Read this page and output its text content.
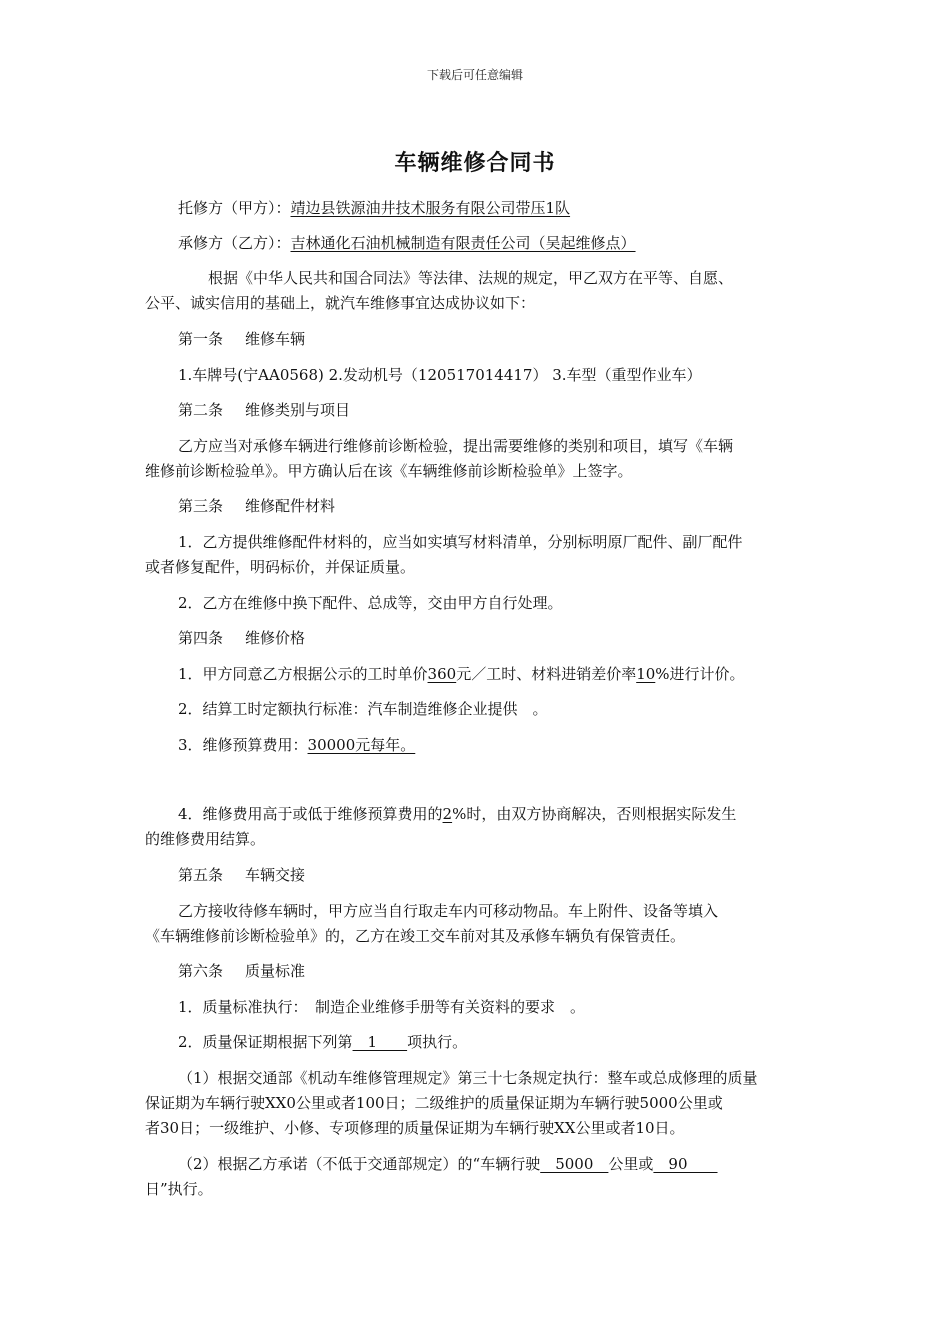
下载后可任意编辑
车辆维修合同书
托修方（甲方）：靖边县铁源油井技术服务有限公司带压1队
承修方（乙方）：吉林通化石油机械制造有限责任公司（吴起维修点）
根据《中华人民共和国合同法》等法律、法规的规定，甲乙双方在平等、自愿、
公平、诚实信用的基础上，就汽车维修事宜达成协议如下：
第一条 维修车辆
1.车牌号(宁AA0568) 2.发动机号（120517014417） 3.车型（重型作业车）
第二条 维修类别与项目
乙方应当对承修车辆进行维修前诊断检验，提出需要维修的类别和项目，填写《车辆
维修前诊断检验单》。甲方确认后在该《车辆维修前诊断检验单》上签字。
第三条 维修配件材料
1．乙方提供维修配件材料的，应当如实填写材料清单，分别标明原厂配件、副厂配件
或者修复配件，明码标价，并保证质量。
2．乙方在维修中换下配件、总成等，交由甲方自行处理。
第四条 维修价格
1．甲方同意乙方根据公示的工时单价360元／工时、材料进销差价率10%进行计价。
2．结算工时定额执行标准：汽车制造维修企业提供　。
3．维修预算费用：30000元每年。
4．维修费用高于或低于维修预算费用的2%时，由双方协商解决，否则根据实际发生
的维修费用结算。
第五条 车辆交接
乙方接收待修车辆时，甲方应当自行取走车内可移动物品。车上附件、设备等填入
《车辆维修前诊断检验单》的，乙方在竣工交车前对其及承修车辆负有保管责任。
第六条 质量标准
1．质量标准执行：　制造企业维修手册等有关资料的要求　。
2．质量保证期根据下列第　1　　项执行。
（1）根据交通部《机动车维修管理规定》第三十七条规定执行：整车或总成修理的质量
保证期为车辆行驶XX0公里或者100日；二级维护的质量保证期为车辆行驶5000公里或
者30日；一级维护、小修、专项修理的质量保证期为车辆行驶XX公里或者10日。
（2）根据乙方承诺（不低于交通部规定）的“车辆行驶　5000　公里或　90　　
日”执行。
